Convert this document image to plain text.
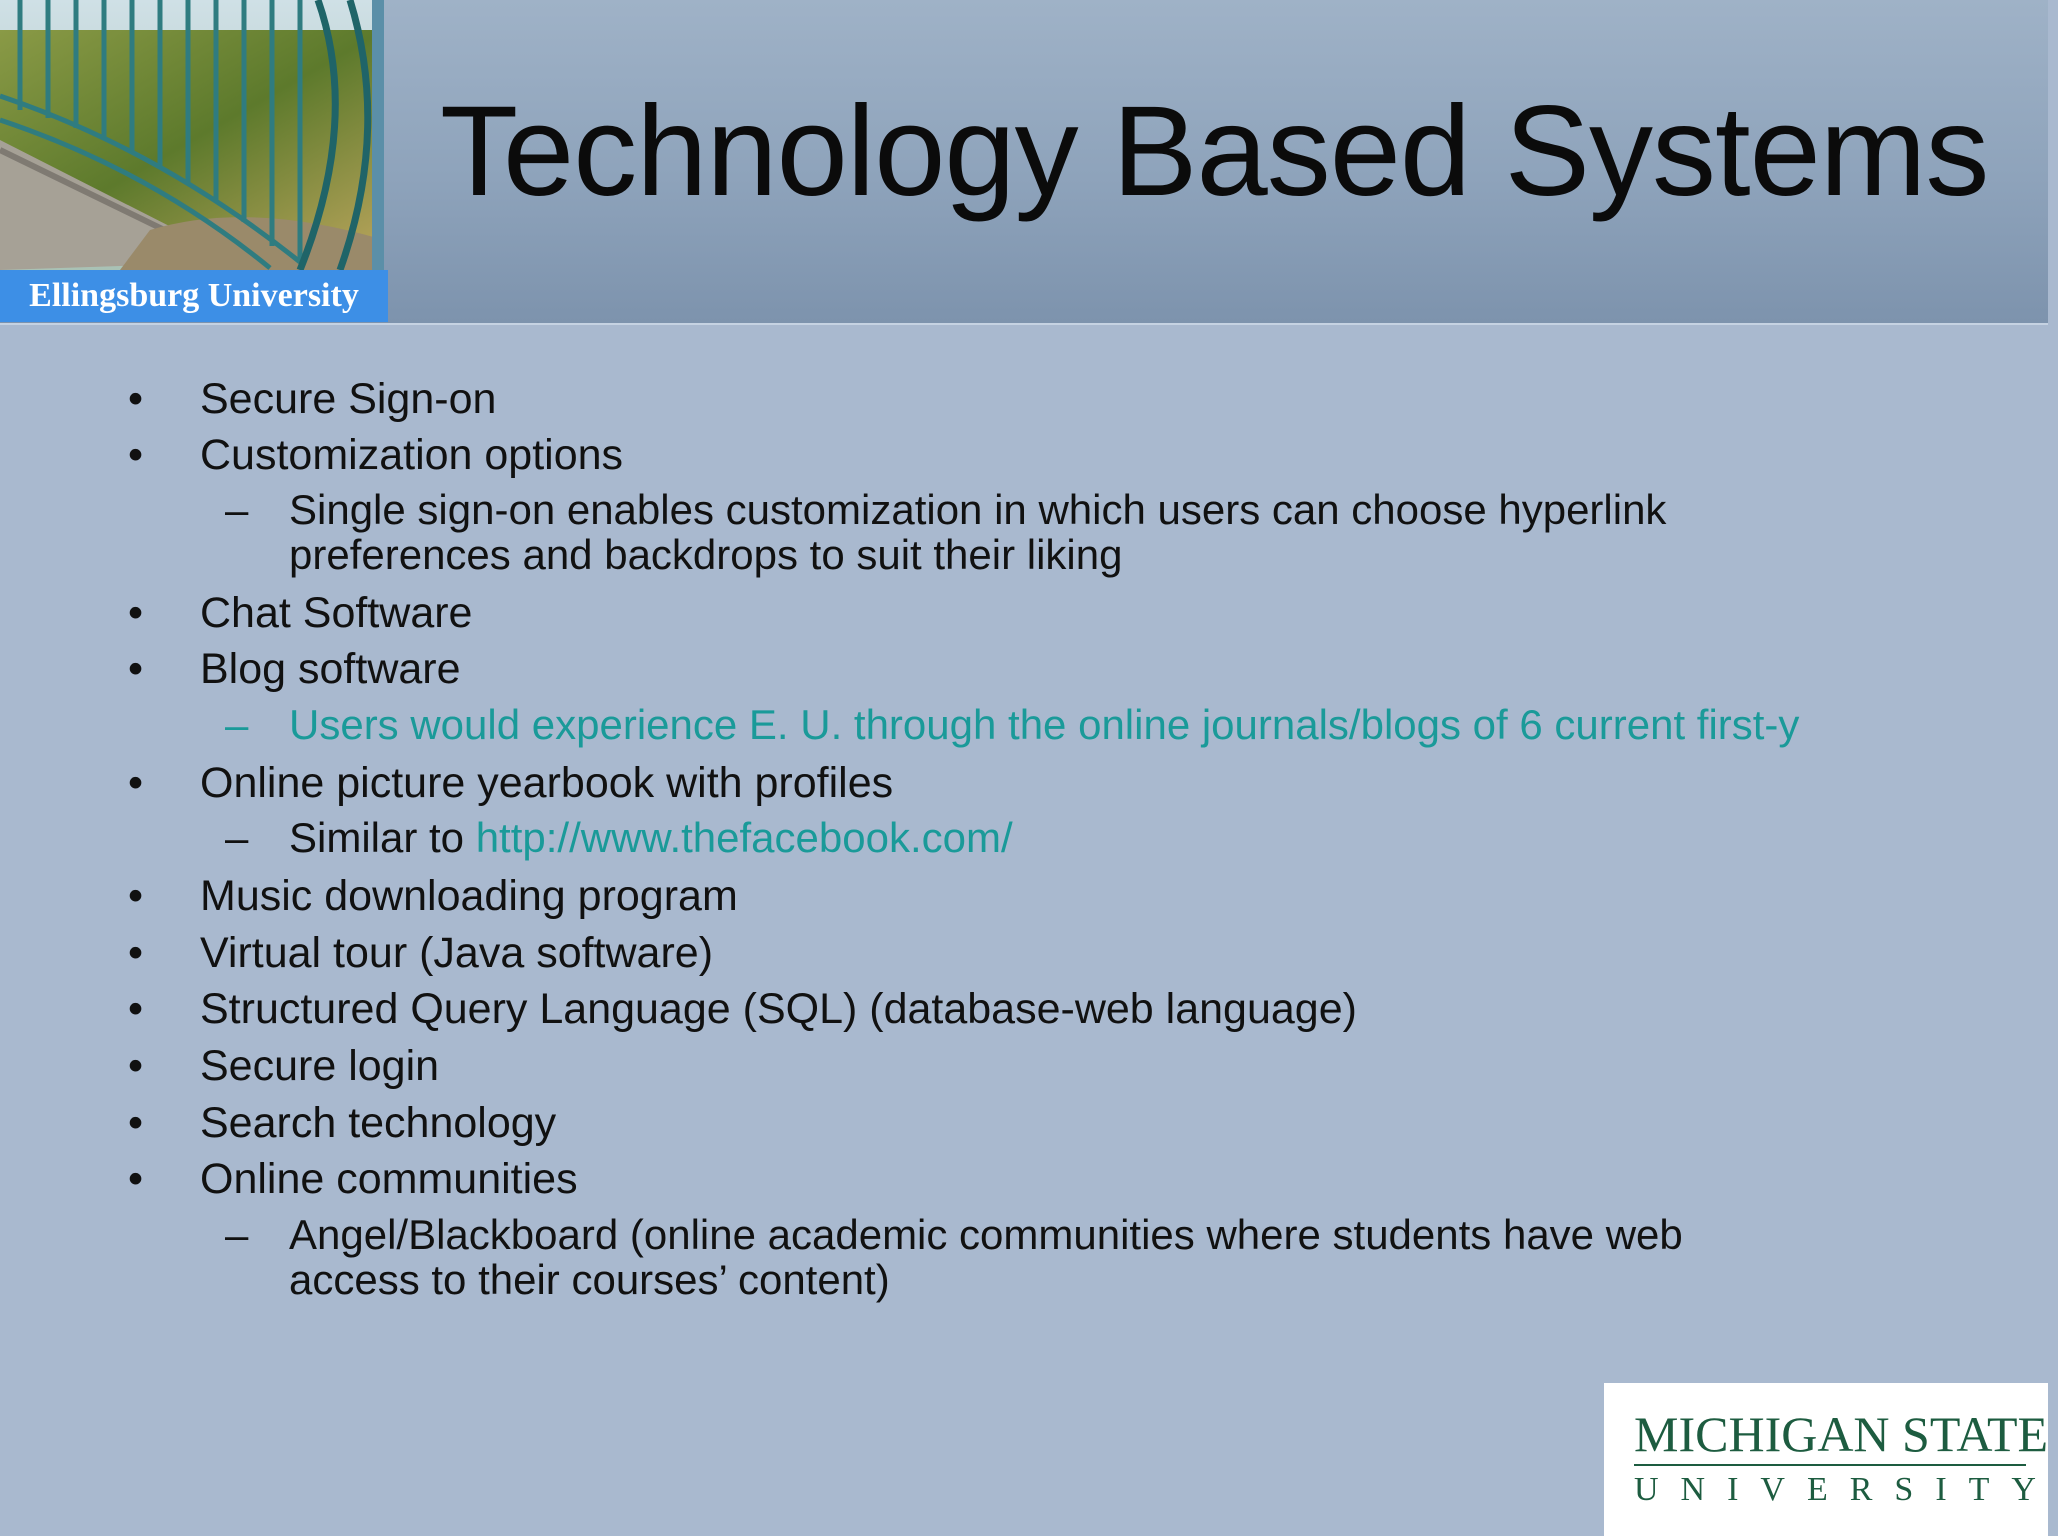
Ellingsburg University
Technology Based Systems
• Secure Sign-on
• Customization options
– Single sign-on enables customization in which users can choose hyperlink
preferences and backdrops to suit their liking
• Chat Software
• Blog software
– Users would experience E. U. through the online journals/blogs of 6 current first-y
• Online picture yearbook with profiles
– Similar to http://www.thefacebook.com/
• Music downloading program
• Virtual tour (Java software)
• Structured Query Language (SQL) (database-web language)
• Secure login
• Search technology
• Online communities
– Angel/Blackboard (online academic communities where students have web
access to their courses’ content)
MICHIGAN STATE
UNIVERSITY
